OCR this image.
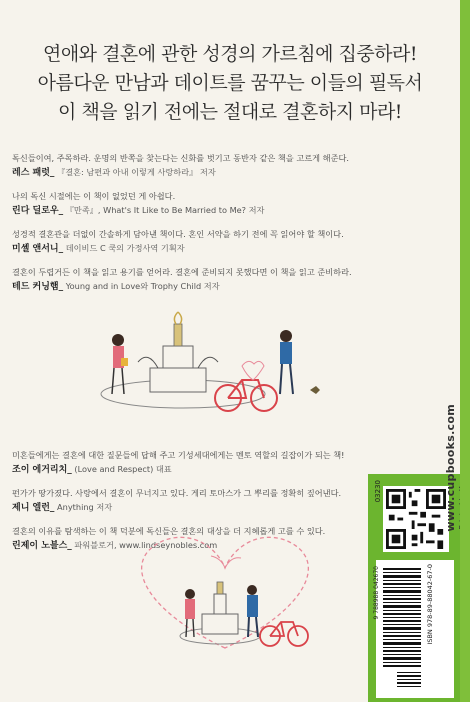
연애와 결혼에 관한 성경의 가르침에 집중하라!
아름다운 만남과 데이트를 꿈꾸는 이들의 필독서
이 책을 읽기 전에는 절대로 결혼하지 마라!
독신들이여, 주목하라. 운명의 반쪽을 찾는다는 신화를 벗기고 동반자 같은 책을 고르게 해준다.
레스 패럿_ 『결혼: 남편과 아내 이렇게 사랑하라』 저자
나의 독신 시절에는 이 책이 없었던 게 아쉽다.
린다 딜로우_ 『만족』, What's It Like to Be Married to Me? 저자
성경적 결혼관을 더없이 간솔하게 담아낸 책이다. 혼인 서약을 하기 전에 꼭 읽어야 할 책이다.
미셸 앤서니_ 데이비드 C 쿡의 가정사역 기획자
결혼이 두렵거든 이 책을 읽고 용기를 얻어라. 결혼에 준비되지 못했다면 이 책을 읽고 준비하라.
테드 커닝햄_ Young and in Love와 Trophy Child 저자
미혼들에게는 결혼에 대한 질문들에 답해 주고 기성세대에게는 멘토 역할의 길잡이가 되는 책!
조이 에거리치_ (Love and Respect) 대표
펀가가 땅가졌다. 사랑에서 결혼이 무너지고 있다. 게리 토마스가 그 뿌리를 정확히 짚어낸다.
제니 엘런_ Anything 저자
결혼의 이유를 탐색하는 이 책 덕분에 독신들은 결혼의 대상을 더 지혜롭게 고를 수 있다.
린제이 노블스_ 파워블로거, www.lindseynobles.com
ISBN 978-89-88042-67-0
9 788988 042670
03230	www.cupbooks.com
